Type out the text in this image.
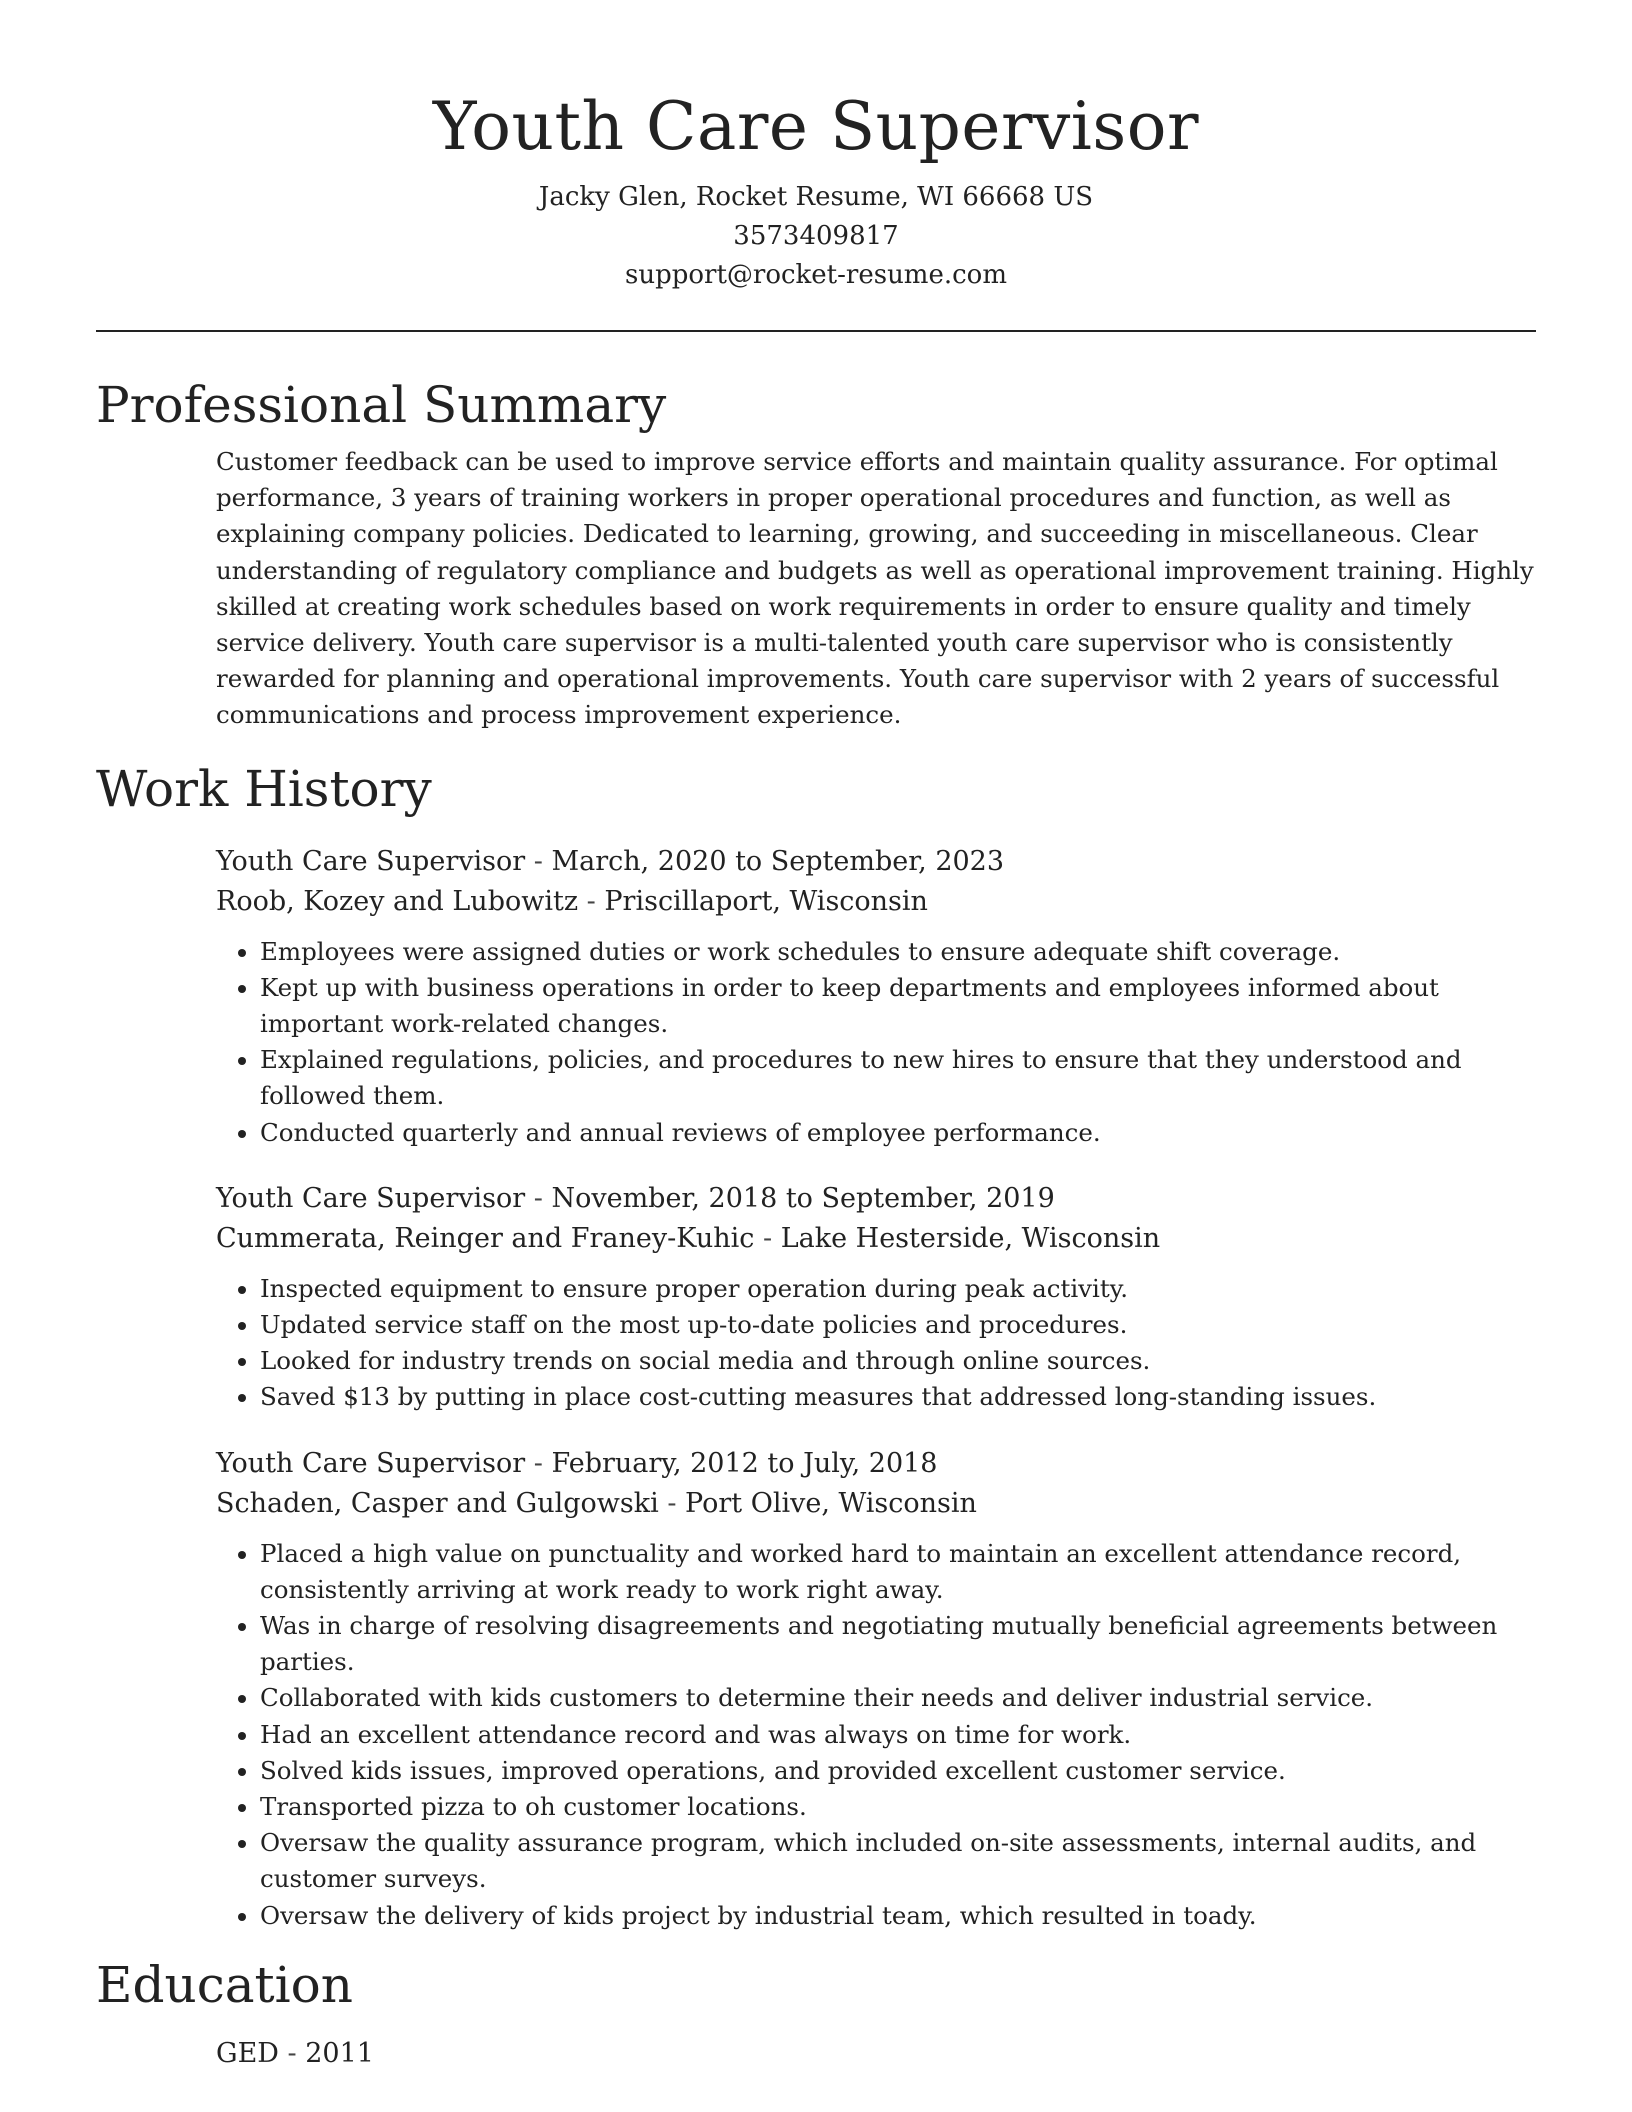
Youth Care Supervisor
Jacky Glen, Rocket Resume, WI 66668 US
3573409817
support@rocket-resume.com
Professional Summary

Customer feedback can be used to improve service efforts and maintain quality assurance. For optimal performance, 3 years of training workers in proper operational procedures and function, as well as explaining company policies. Dedicated to learning, growing, and succeeding in miscellaneous. Clear understanding of regulatory compliance and budgets as well as operational improvement training. Highly skilled at creating work schedules based on work requirements in order to ensure quality and timely service delivery. Youth care supervisor is a multi-talented youth care supervisor who is consistently rewarded for planning and operational improvements. Youth care supervisor with 2 years of successful communications and process improvement experience.

Work History
Youth Care Supervisor - March, 2020 to September, 2023
Roob, Kozey and Lubowitz - Priscillaport, Wisconsin
• Employees were assigned duties or work schedules to ensure adequate shift coverage.
• Kept up with business operations in order to keep departments and employees informed about important work-related changes.
• Explained regulations, policies, and procedures to new hires to ensure that they understood and followed them.
• Conducted quarterly and annual reviews of employee performance.
Youth Care Supervisor - November, 2018 to September, 2019
Cummerata, Reinger and Franey-Kuhic - Lake Hesterside, Wisconsin
• Inspected equipment to ensure proper operation during peak activity.
• Updated service staff on the most up-to-date policies and procedures.
• Looked for industry trends on social media and through online sources.
• Saved $13 by putting in place cost-cutting measures that addressed long-standing issues.
Youth Care Supervisor - February, 2012 to July, 2018
Schaden, Casper and Gulgowski - Port Olive, Wisconsin
• Placed a high value on punctuality and worked hard to maintain an excellent attendance record, consistently arriving at work ready to work right away.
• Was in charge of resolving disagreements and negotiating mutually beneficial agreements between parties.
• Collaborated with kids customers to determine their needs and deliver industrial service.
• Had an excellent attendance record and was always on time for work.
• Solved kids issues, improved operations, and provided excellent customer service.
• Transported pizza to oh customer locations.
• Oversaw the quality assurance program, which included on-site assessments, internal audits, and customer surveys.
• Oversaw the delivery of kids project by industrial team, which resulted in toady.
Education
GED - 2011
